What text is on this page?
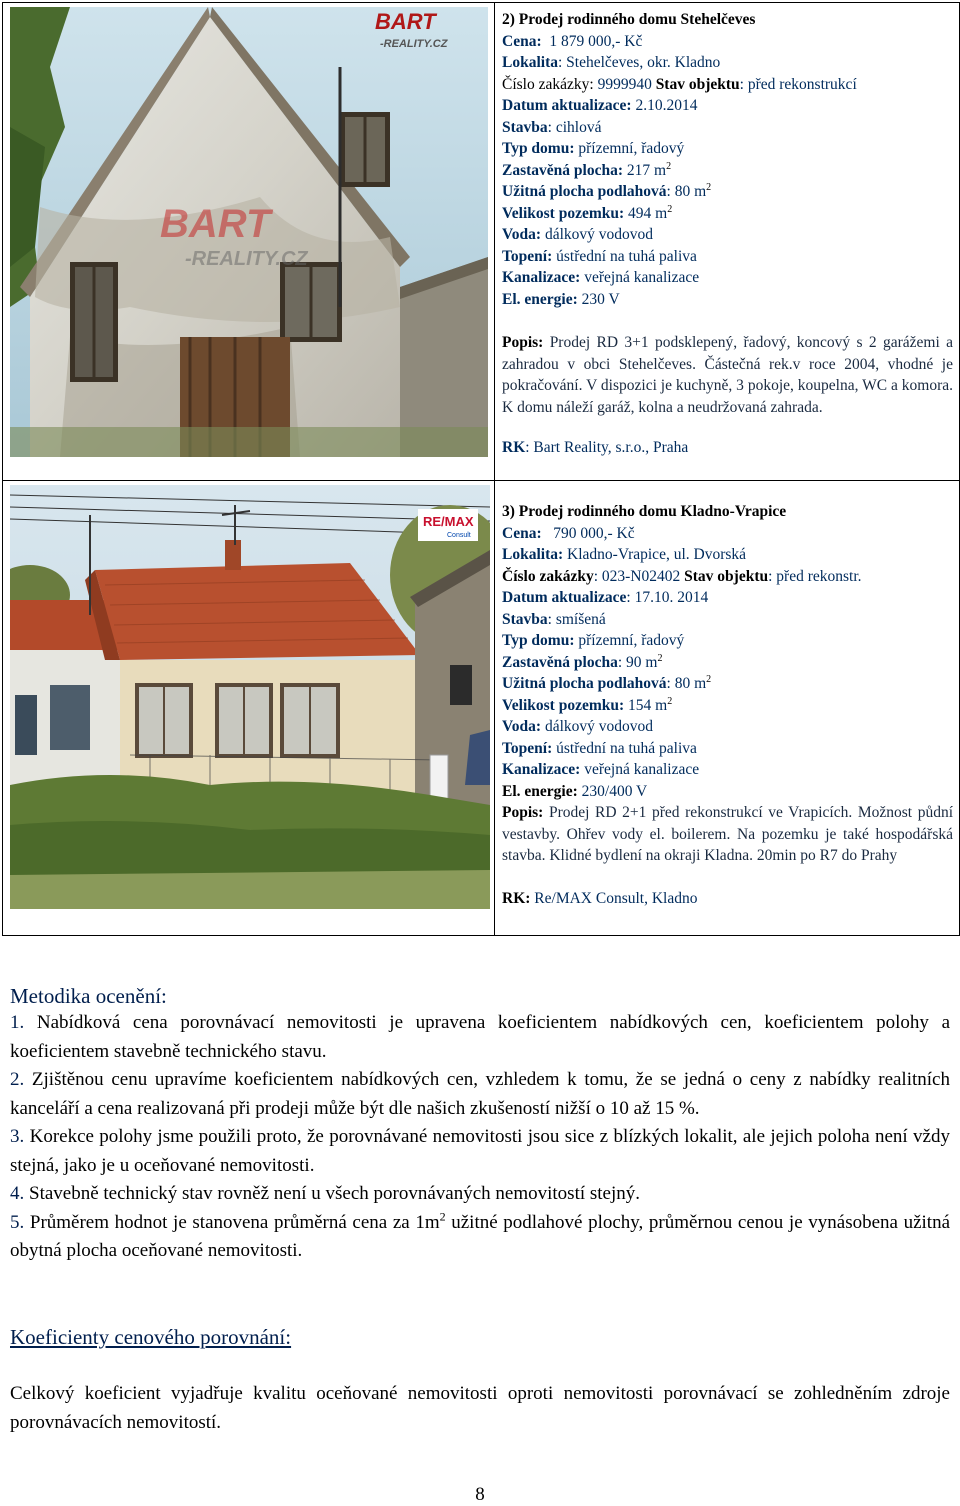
BART
-REALITY.CZ
BART
-REALITY.CZ
2) Prodej rodinného domu Stehelčeves
Cena: 1 879 000,- Kč
Lokalita: Stehelčeves, okr. Kladno
Číslo zakázky: 9999940 Stav objektu: před rekonstrukcí
Datum aktualizace: 2.10.2014
Stavba: cihlová
Typ domu: přízemní, řadový
Zastavěná plocha: 217 $m^2$
Užitná plocha podlahová: 80 $m^2$
Velikost pozemku: 494 $m^2$
Voda: dálkový vodovod
Topení: ústřední na tuhá paliva
Kanalizace: veřejná kanalizace
El. energie: 230 V
Popis: Prodej RD 3+1 podsklepený, řadový, koncový s 2 garážemi a zahradou v obci Stehelčeves. Částečná rek.v roce 2004, vhodné je pokračování. V dispozici je kuchyně, 3 pokoje, koupelna, WC a komora. K domu náleží garáž, kolna a neudržovaná zahrada.
RK: Bart Reality, s.r.o., Praha
RE/MAX
Consult
3) Prodej rodinného domu Kladno-Vrapice
Cena: 790 000,- Kč
Lokalita: Kladno-Vrapice, ul. Dvorská
Číslo zakázky: 023-N02402 Stav objektu: před rekonstr.
Datum aktualizace: 17.10. 2014
Stavba: smíšená
Typ domu: přízemní, řadový
Zastavěná plocha: 90 $m^2$
Užitná plocha podlahová: 80 $m^2$
Velikost pozemku: 154 $m^2$
Voda: dálkový vodovod
Topení: ústřední na tuhá paliva
Kanalizace: veřejná kanalizace
El. energie: 230/400 V
Popis: Prodej RD 2+1 před rekonstrukcí ve Vrapicích. Možnost půdní vestavby. Ohřev vody el. boilerem. Na pozemku je také hospodářská stavba. Klidné bydlení na okraji Kladna. 20min po R7 do Prahy
RK: Re/MAX Consult, Kladno
Metodika ocenění:

1. Nabídková cena porovnávací nemovitosti je upravena koeficientem nabídkových cen, koeficientem polohy a koeficientem stavebně technického stavu.

2. Zjištěnou cenu upravíme koeficientem nabídkových cen, vzhledem k tomu, že se jedná o ceny z nabídky realitních kanceláří a cena realizovaná při prodeji může být dle našich zkušeností nižší o 10 až 15 %.

3. Korekce polohy jsme použili proto, že porovnávané nemovitosti jsou sice z blízkých lokalit, ale jejich poloha není vždy stejná, jako je u oceňované nemovitosti.

4. Stavebně technický stav rovněž není u všech porovnávaných nemovitostí stejný.

5. Průměrem hodnot je stanovena průměrná cena za $1m^2$ užitné podlahové plochy, průměrnou cenou je vynásobena užitná obytná plocha oceňované nemovitosti.

Koeficienty cenového porovnání:

Celkový koeficient vyjadřuje kvalitu oceňované nemovitosti oproti nemovitosti porovnávací se zohledněním zdroje porovnávacích nemovitostí.

8
